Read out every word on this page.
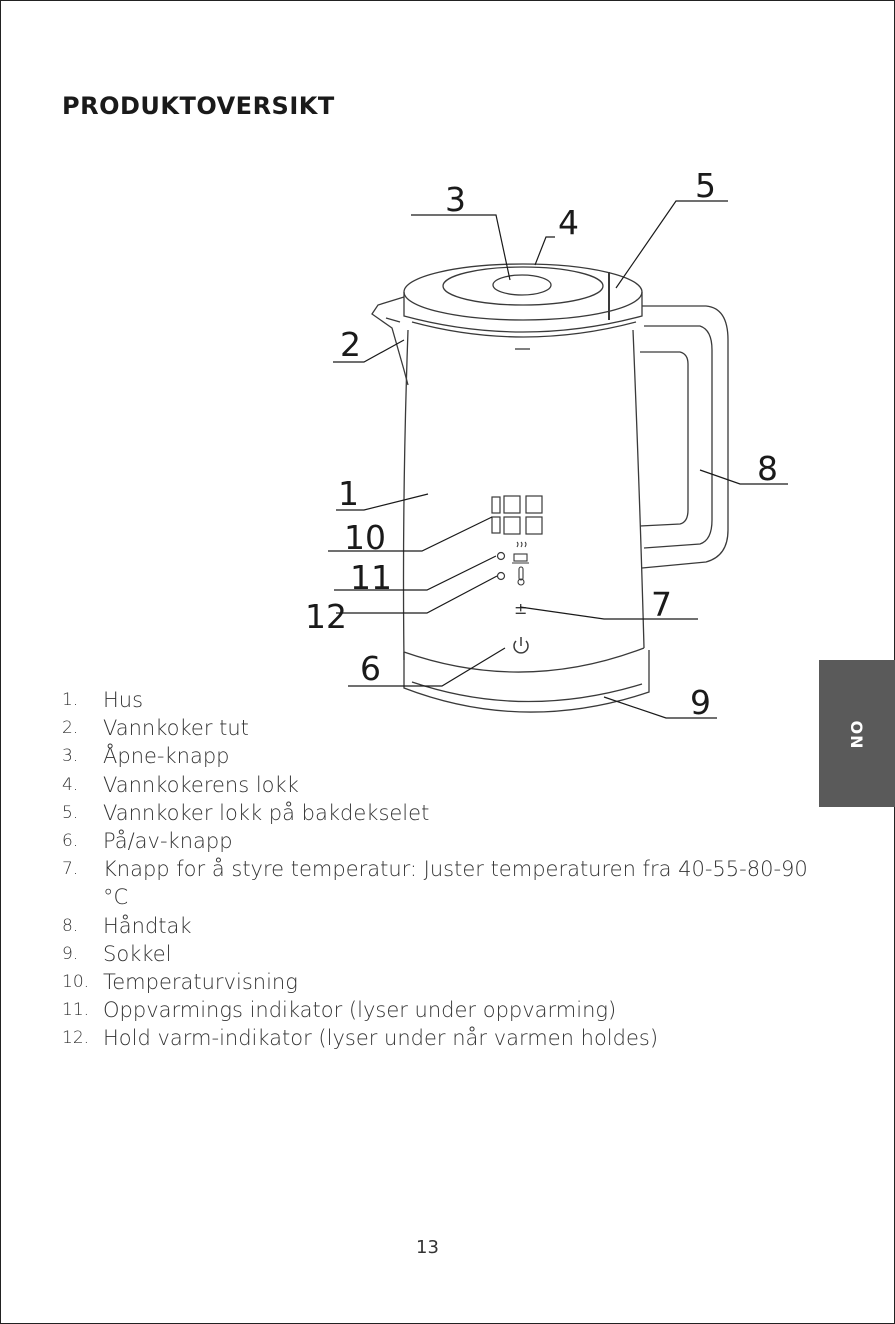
PRODUKTOVERSIKT
±
1
2
3
4
5
6
7
8
9
10
11
12
1. Hus
2. Vannkoker tut
3. Åpne-knapp
4. Vannkokerens lokk
5. Vannkoker lokk på bakdekselet
6. På/av-knapp
7. Knapp for å styre temperatur: Juster temperaturen fra 40-55-80-90 °C
8. Håndtak
9. Sokkel
10. Temperaturvisning
11. Oppvarmings indikator (lyser under oppvarming)
12. Hold varm-indikator (lyser under når varmen holdes)
NO
13
